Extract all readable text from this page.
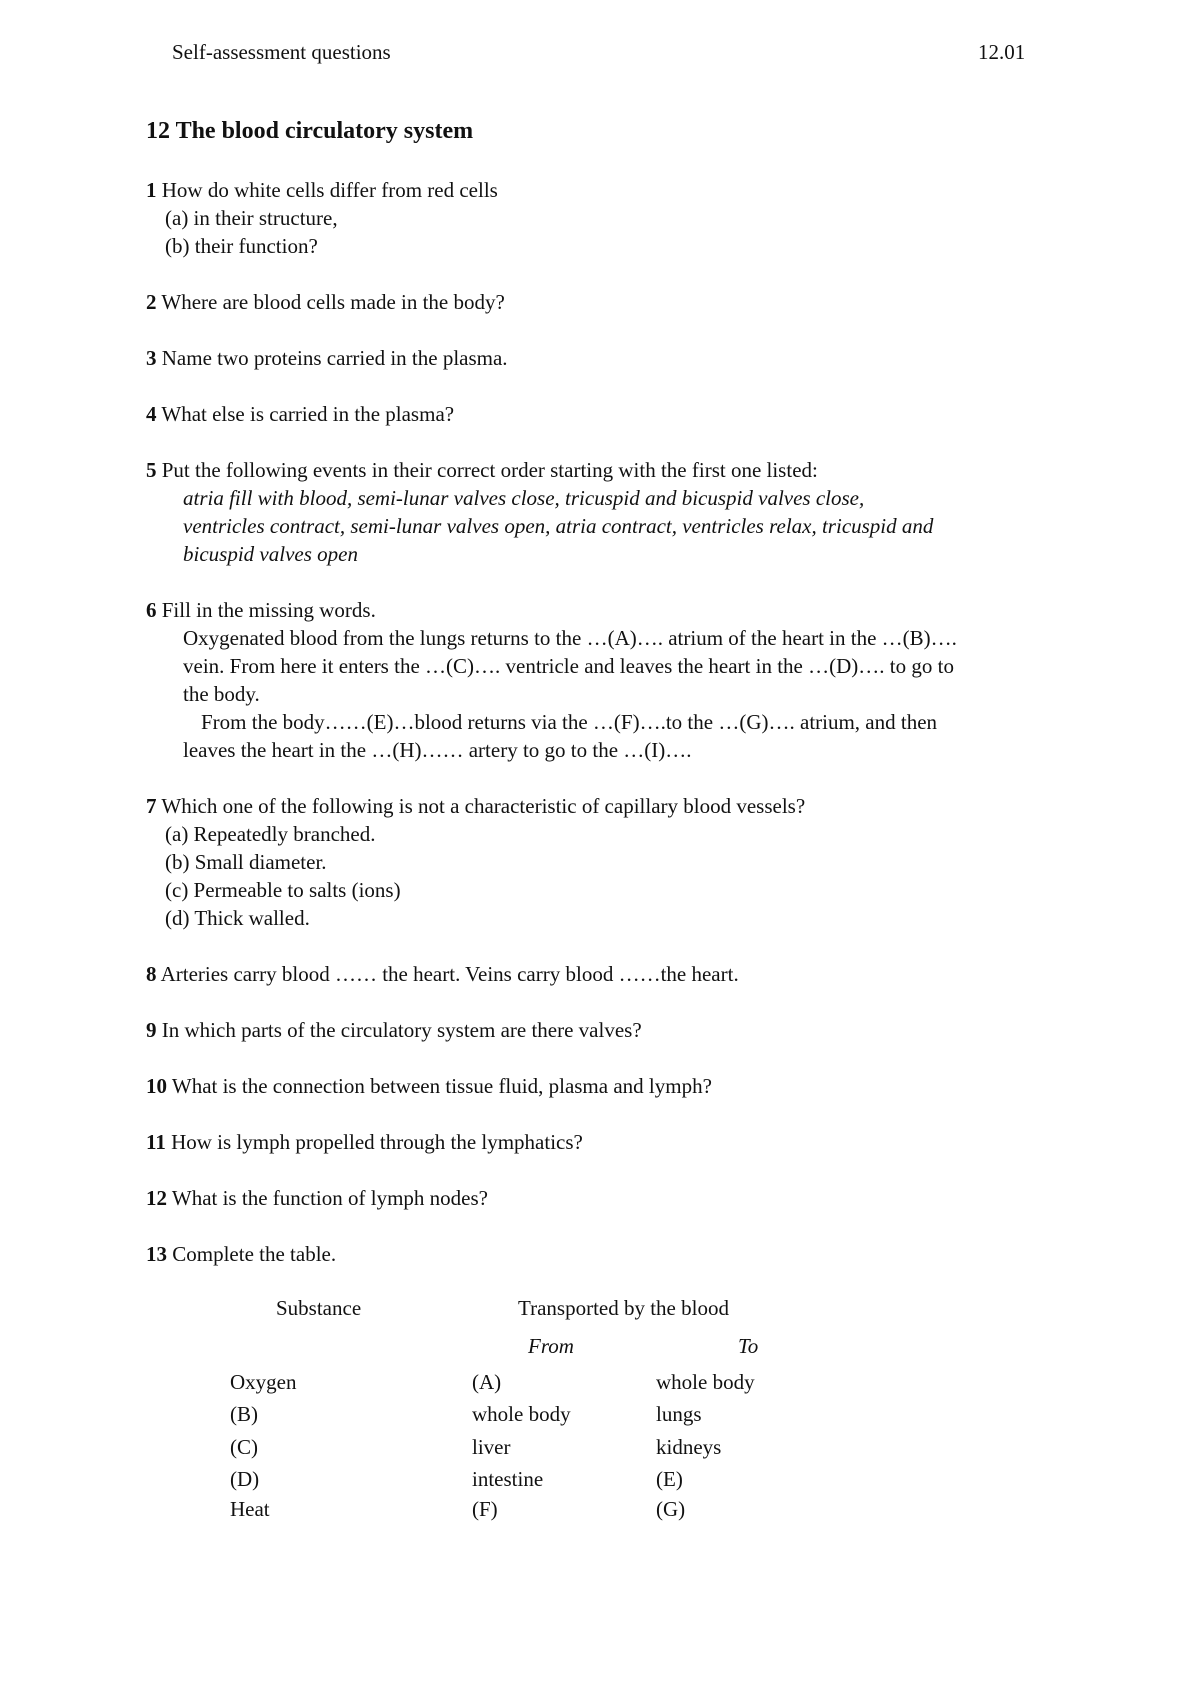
Self-assessment questions	12.01
12 The blood circulatory system
1 How do white cells differ from red cells
(a) in their structure,
(b) their function?
2 Where are blood cells made in the body?
3 Name two proteins carried in the plasma.
4 What else is carried in the plasma?
5 Put the following events in their correct order starting with the first one listed:
atria fill with blood, semi-lunar valves close, tricuspid and bicuspid valves close,
ventricles contract, semi-lunar valves open, atria contract, ventricles relax, tricuspid and
bicuspid valves open
6 Fill in the missing words.
Oxygenated blood from the lungs returns to the …(A)…. atrium of the heart in the …(B)….
vein. From here it enters the …(C)…. ventricle and leaves the heart in the …(D)…. to go to
the body.
From the body……(E)…blood returns via the …(F)….to the …(G)…. atrium, and then
leaves the heart in the …(H)…… artery to go to the …(I)….
7 Which one of the following is not a characteristic of capillary blood vessels?
(a) Repeatedly branched.
(b) Small diameter.
(c) Permeable to salts (ions)
(d) Thick walled.
8 Arteries carry blood …… the heart. Veins carry blood ……the heart.
9 In which parts of the circulatory system are there valves?
10 What is the connection between tissue fluid, plasma and lymph?
11 How is lymph propelled through the lymphatics?
12 What is the function of lymph nodes?
13 Complete the table.
Substance	Transported by the blood
From	To
Oxygen	(A)	whole body
(B)	whole body	lungs
(C)	liver	kidneys
(D)	intestine	(E)
Heat	(F)	(G)
